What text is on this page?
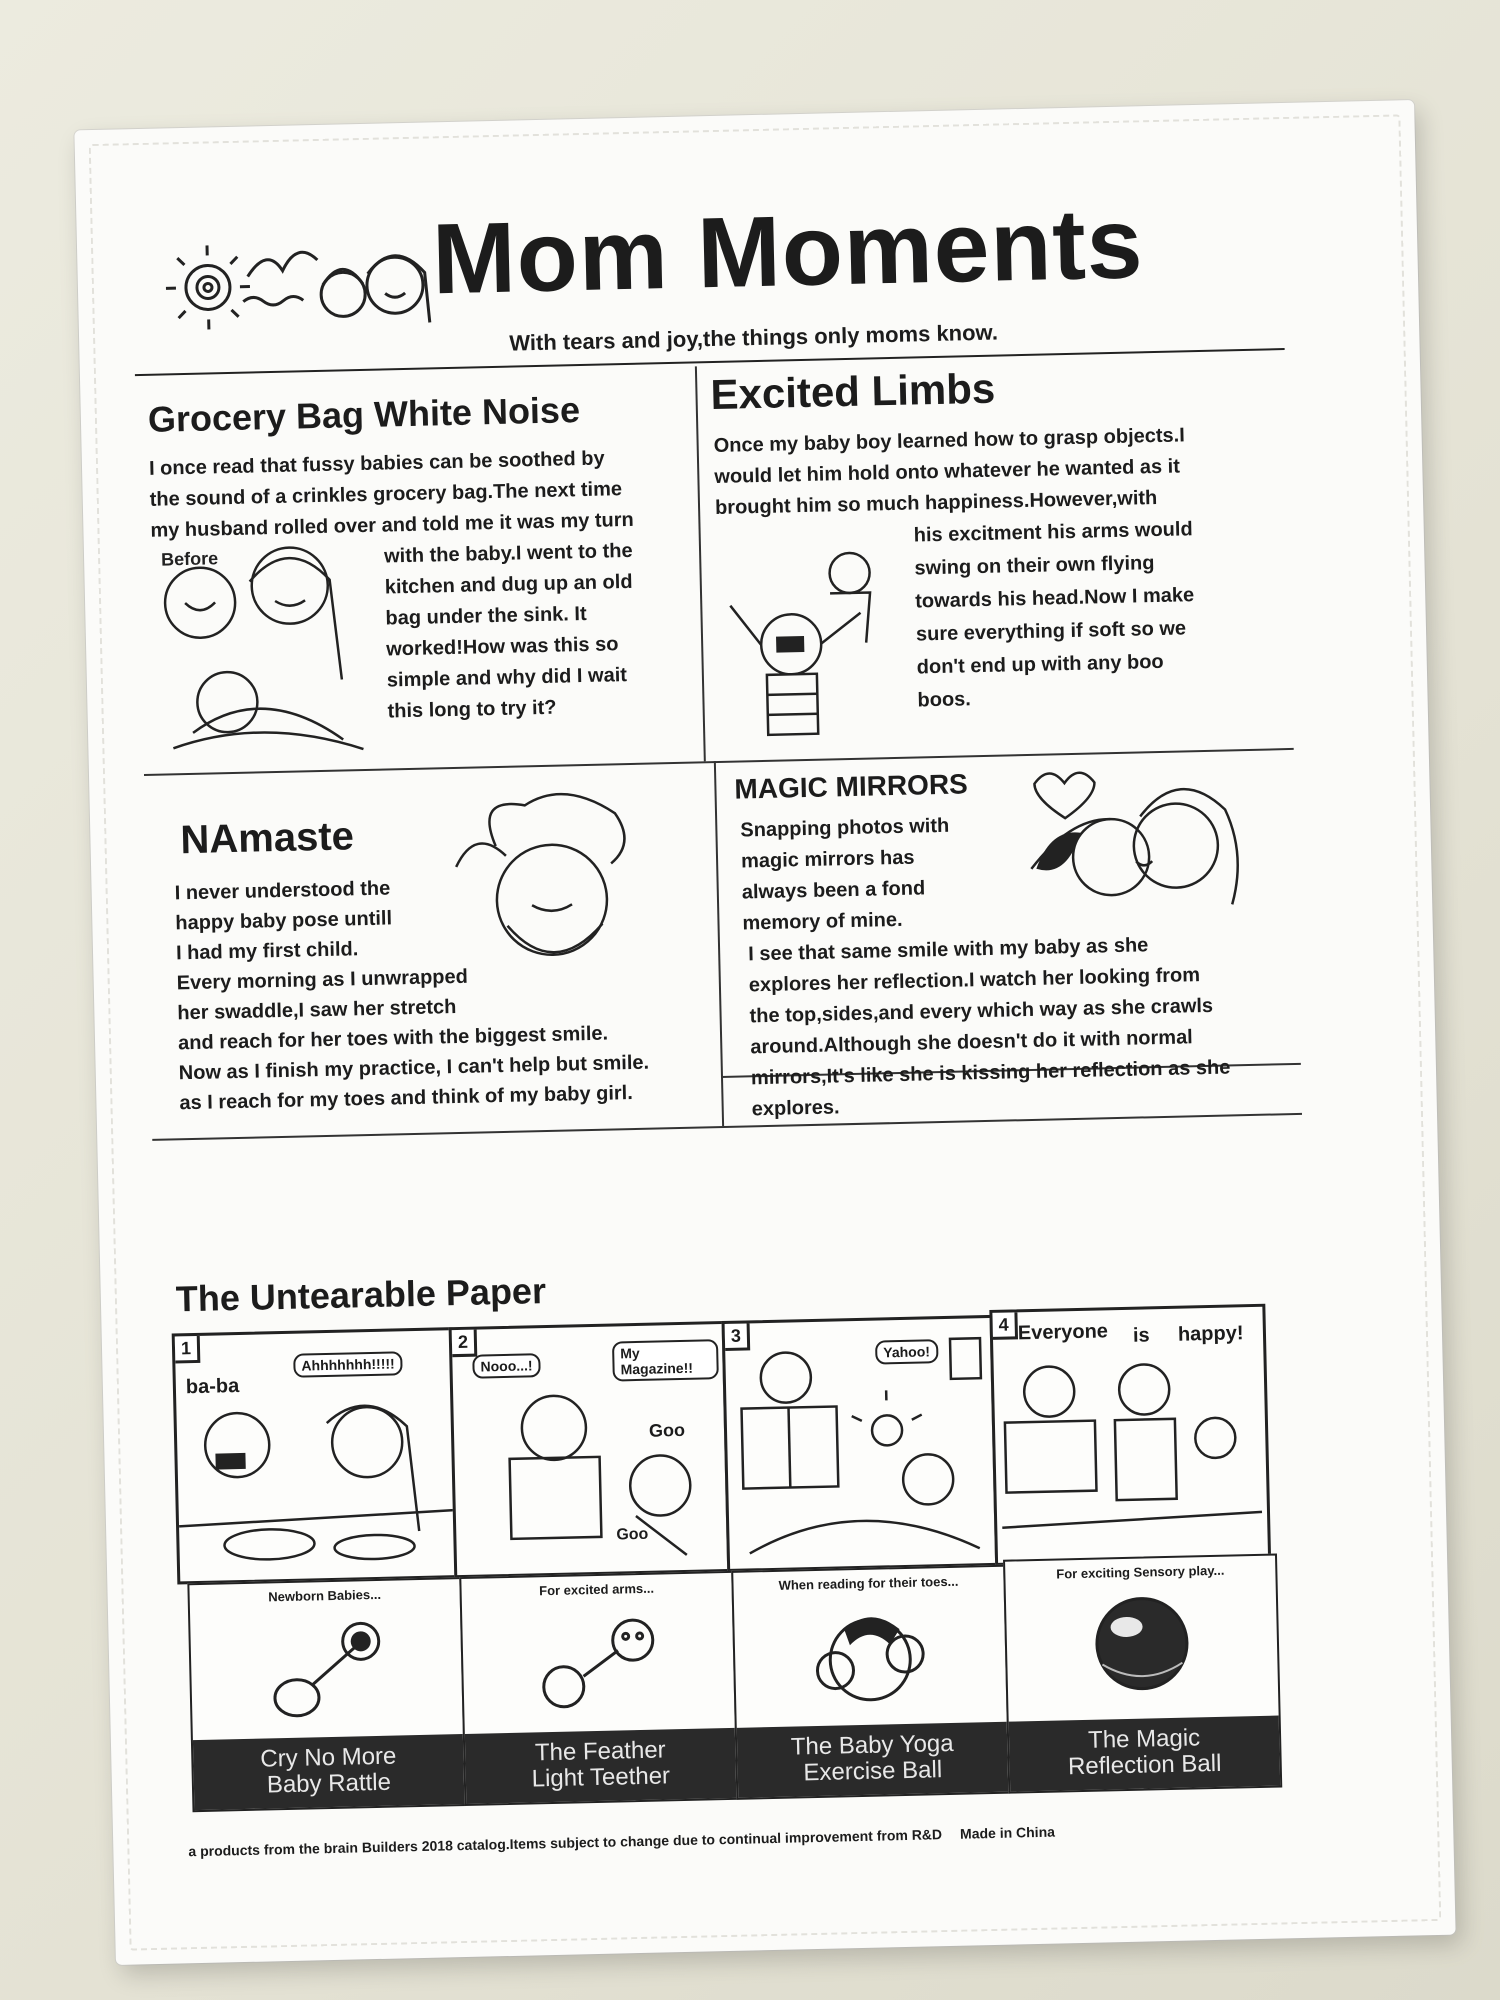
Mom Moments
With tears and joy,the things only moms know.
Grocery Bag White Noise
I once read that fussy babies can be soothed by
the sound of a crinkles grocery bag.The next time
my husband rolled over and told me it was my turn
with the baby.I went to the
kitchen and dug up an old
bag under the sink. It
worked!How was this so
simple and why did I wait
this long to try it?
Before
Excited Limbs
Once my baby boy learned how to grasp objects.I
would let him hold onto whatever he wanted as it
brought him so much happiness.However,with
his excitment his arms would
swing on their own flying
towards his head.Now I make
sure everything if soft so we
don't end up with any boo
boos.
NAmaste
I never understood the
happy baby pose untill
I had my first child.
Every morning as I unwrapped
her swaddle,I saw her stretch
and reach for her toes with the biggest smile.
Now as I finish my practice, I can't help but smile.
as I reach for my toes and think of my baby girl.
MAGIC MIRRORS
Snapping photos with
magic mirrors has
always been a fond
memory of mine.
I see that same smile with my baby as she
explores her reflection.I watch her looking from
the top,sides,and every which way as she crawls
around.Although she doesn't do it with normal
mirrors,It's like she is kissing her reflection as she
explores.
The Untearable Paper
1
Ahhhhhhh!!!!!
ba-ba
2
Nooo...!
My Magazine!!
Goo
Goo
3
Yahoo!
4 Everyone is happy!
Newborn Babies...
Cry No More
Baby Rattle
For excited arms...
The Feather
Light Teether
When reading for their toes...
The Baby Yoga
Exercise Ball
For exciting Sensory play...
The Magic
Reflection Ball
a products from the brain Builders 2018 catalog.Items subject to change due to continual improvement from R&D Made in China
